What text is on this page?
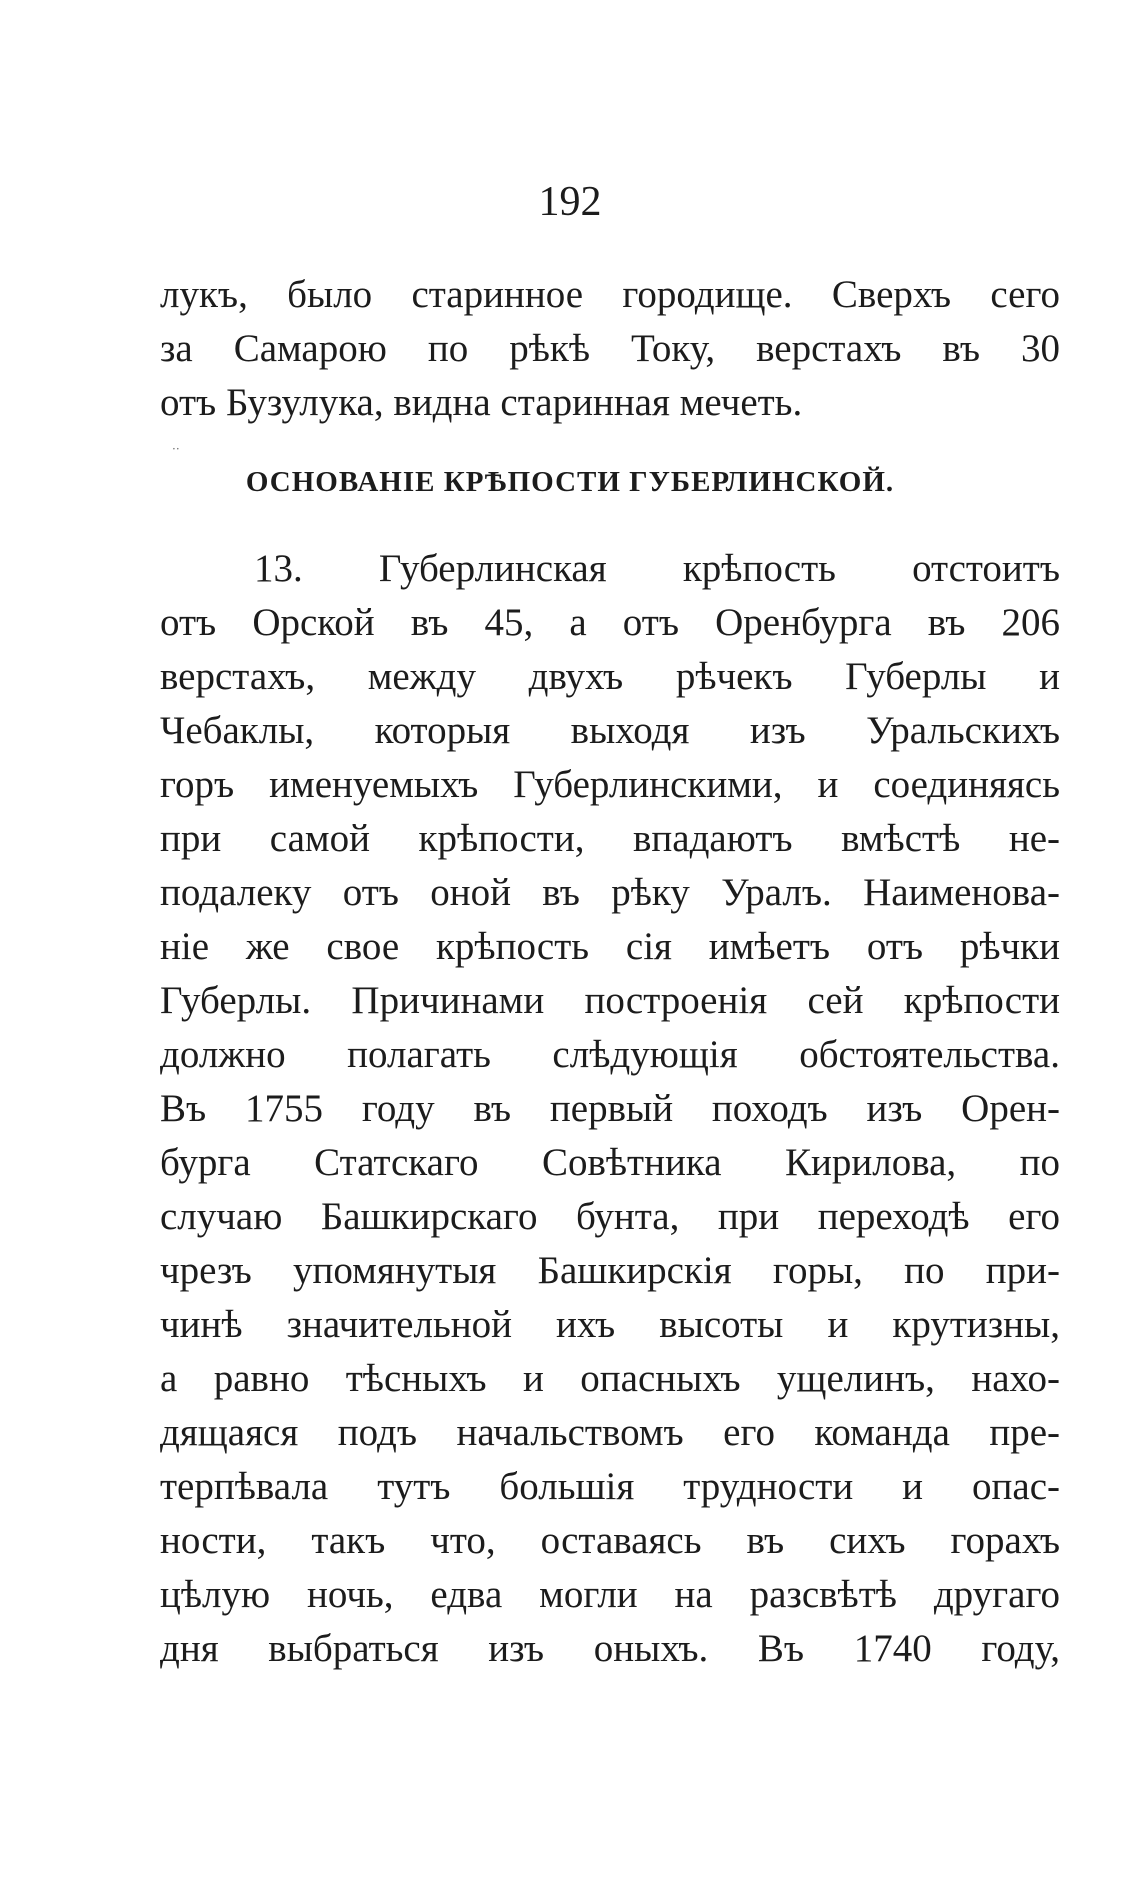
192
лукъ, было старинное городище. Сверхъ сего
за Самарою по рѣкѣ Току, верстахъ въ 30
отъ Бузулука, видна старинная мечеть.
··
ОСНОВАНІЕ КРѢПОСТИ ГУБЕРЛИНСКОЙ.
13. Губерлинская крѣпость отстоитъ
отъ Орской въ 45, а отъ Оренбурга въ 206
верстахъ, между двухъ рѣчекъ Губерлы и
Чебаклы, которыя выходя изъ Уральскихъ
горъ именуемыхъ Губерлинскими, и соединяясь
при самой крѣпости, впадаютъ вмѣстѣ не-
подалеку отъ оной въ рѣку Уралъ. Наименова-
ніе же свое крѣпость сія имѣетъ отъ рѣчки
Губерлы. Причинами построенія сей крѣпости
должно полагать слѣдующія обстоятельства.
Въ 1755 году въ первый походъ изъ Орен-
бурга Статскаго Совѣтника Кирилова, по
случаю Башкирскаго бунта, при переходѣ его
чрезъ упомянутыя Башкирскія горы, по при-
чинѣ значительной ихъ высоты и крутизны,
а равно тѣсныхъ и опасныхъ ущелинъ, нахо-
дящаяся подъ начальствомъ его команда пре-
терпѣвала тутъ большія трудности и опас-
ности, такъ что, оставаясь въ сихъ горахъ
цѣлую ночь, едва могли на разсвѣтѣ другаго
дня выбраться изъ оныхъ. Въ 1740 году,
